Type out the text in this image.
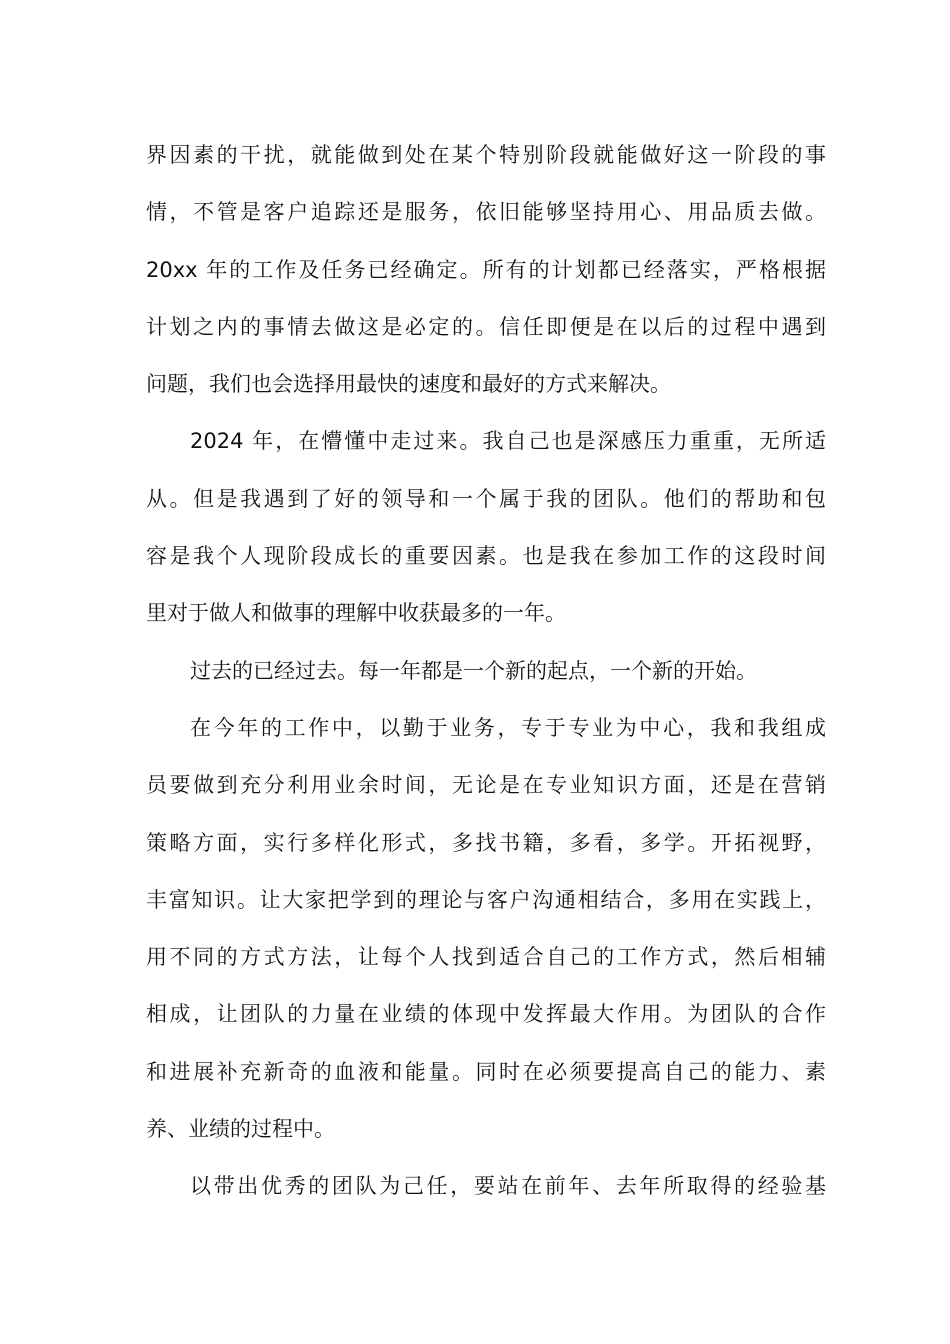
界因素的干扰，就能做到处在某个特别阶段就能做好这一阶段的事
情，不管是客户追踪还是服务，依旧能够坚持用心、用品质去做。
20xx 年的工作及任务已经确定。所有的计划都已经落实，严格根据
计划之内的事情去做这是必定的。信任即便是在以后的过程中遇到
问题，我们也会选择用最快的速度和最好的方式来解决。
2024 年，在懵懂中走过来。我自己也是深感压力重重，无所适
从。但是我遇到了好的领导和一个属于我的团队。他们的帮助和包
容是我个人现阶段成长的重要因素。也是我在参加工作的这段时间
里对于做人和做事的理解中收获最多的一年。
过去的已经过去。每一年都是一个新的起点，一个新的开始。
在今年的工作中，以勤于业务，专于专业为中心，我和我组成
员要做到充分利用业余时间，无论是在专业知识方面，还是在营销
策略方面，实行多样化形式，多找书籍，多看，多学。开拓视野，
丰富知识。让大家把学到的理论与客户沟通相结合，多用在实践上，
用不同的方式方法，让每个人找到适合自己的工作方式，然后相辅
相成，让团队的力量在业绩的体现中发挥最大作用。为团队的合作
和进展补充新奇的血液和能量。同时在必须要提高自己的能力、素
养、业绩的过程中。
以带出优秀的团队为己任，要站在前年、去年所取得的经验基
